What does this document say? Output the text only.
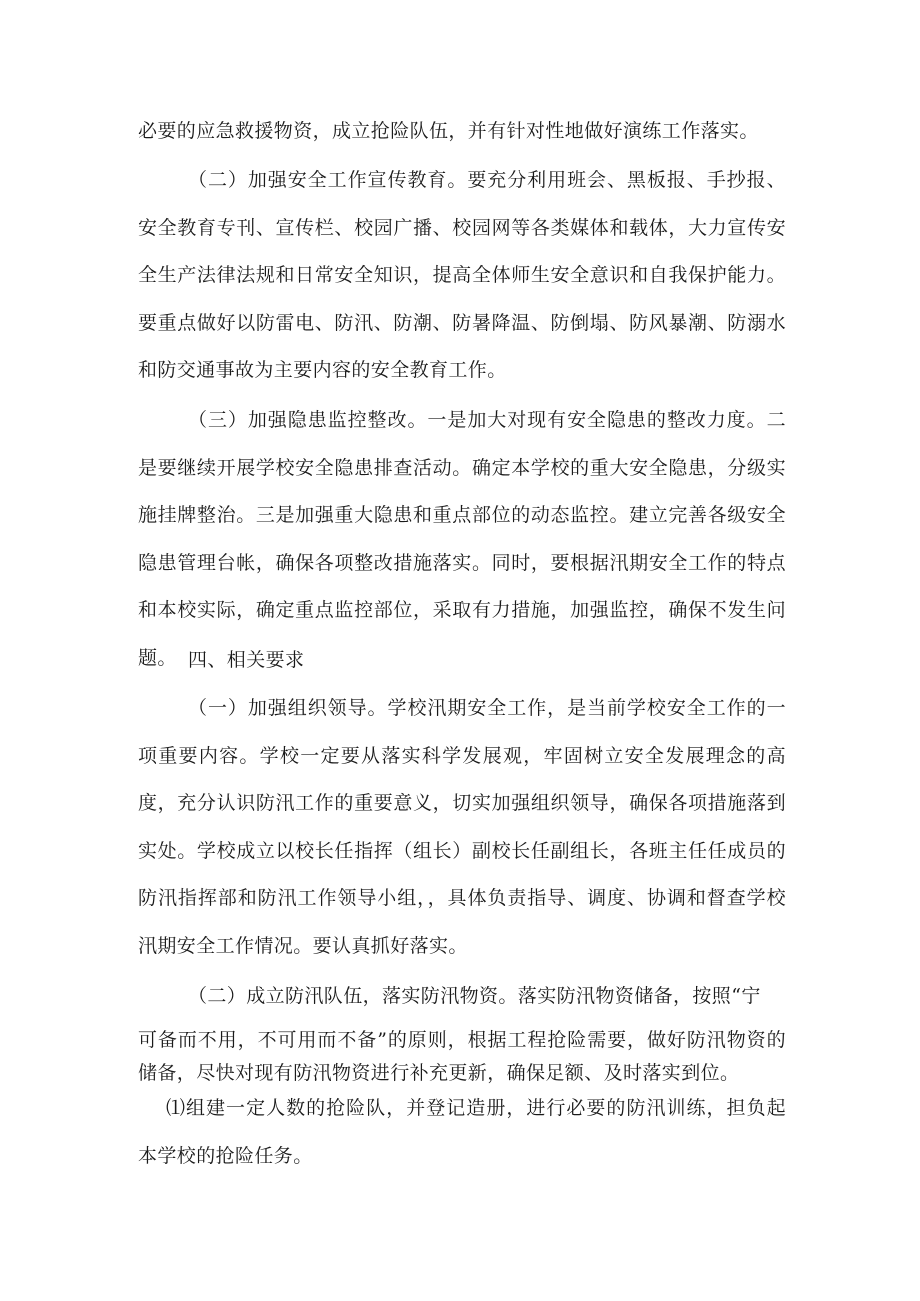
必要的应急救援物资，成立抢险队伍，并有针对性地做好演练工作落实。

（二）加强安全工作宣传教育。要充分利用班会、黑板报、手抄报、安全教育专刊、宣传栏、校园广播、校园网等各类媒体和载体，大力宣传安全生产法律法规和日常安全知识，提高全体师生安全意识和自我保护能力。要重点做好以防雷电、防汛、防潮、防暑降温、防倒塌、防风暴潮、防溺水和防交通事故为主要内容的安全教育工作。

（三）加强隐患监控整改。一是加大对现有安全隐患的整改力度。二是要继续开展学校安全隐患排查活动。确定本学校的重大安全隐患，分级实施挂牌整治。三是加强重大隐患和重点部位的动态监控。建立完善各级安全隐患管理台帐，确保各项整改措施落实。同时，要根据汛期安全工作的特点和本校实际，确定重点监控部位，采取有力措施，加强监控，确保不发生问题。 四、相关要求

（一）加强组织领导。学校汛期安全工作，是当前学校安全工作的一项重要内容。学校一定要从落实科学发展观，牢固树立安全发展理念的高度，充分认识防汛工作的重要意义，切实加强组织领导，确保各项措施落到实处。学校成立以校长任指挥（组长）副校长任副组长，各班主任任成员的防汛指挥部和防汛工作领导小组，，具体负责指导、调度、协调和督查学校汛期安全工作情况。要认真抓好落实。

（二）成立防汛队伍，落实防汛物资。落实防汛物资储备，按照“宁

可备而不用，不可用而不备”的原则，根据工程抢险需要，做好防汛物资的储备，尽快对现有防汛物资进行补充更新，确保足额、及时落实到位。

⑴组建一定人数的抢险队，并登记造册，进行必要的防汛训练，担负起本学校的抢险任务。
